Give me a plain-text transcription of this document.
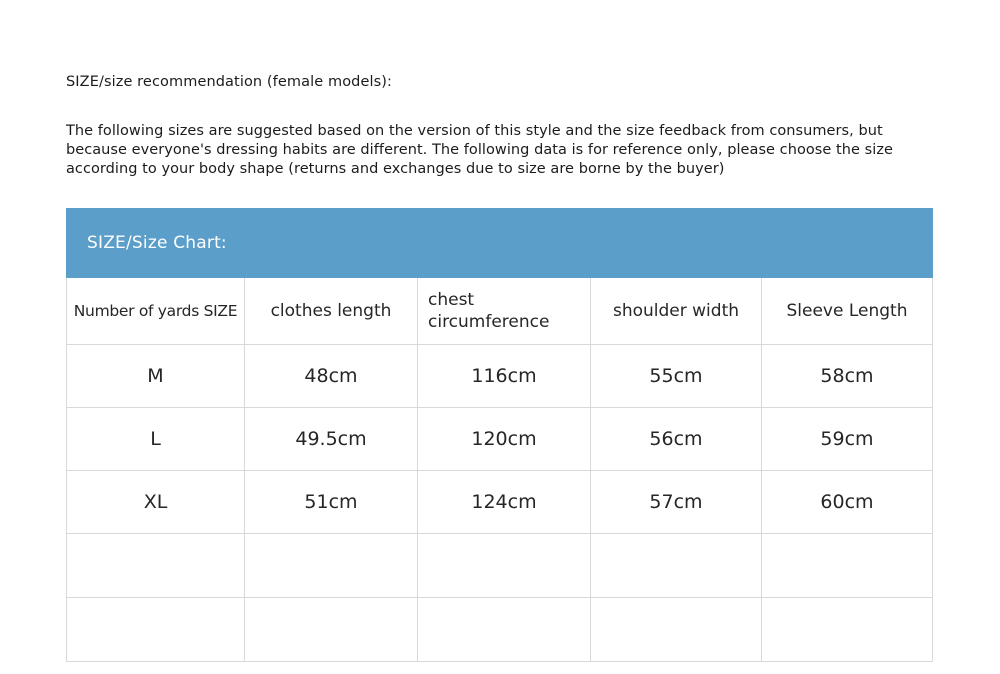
SIZE/size recommendation (female models):

The following sizes are suggested based on the version of this style and the size feedback from consumers, but because everyone's dressing habits are different. The following data is for reference only, please choose the size according to your body shape (returns and exchanges due to size are borne by the buyer)

SIZE/Size Chart:				
Number of yards SIZE	clothes length	chest circumference	shoulder width	Sleeve Length
M	48cm	116cm	55cm	58cm
L	49.5cm	120cm	56cm	59cm
XL	51cm	124cm	57cm	60cm
